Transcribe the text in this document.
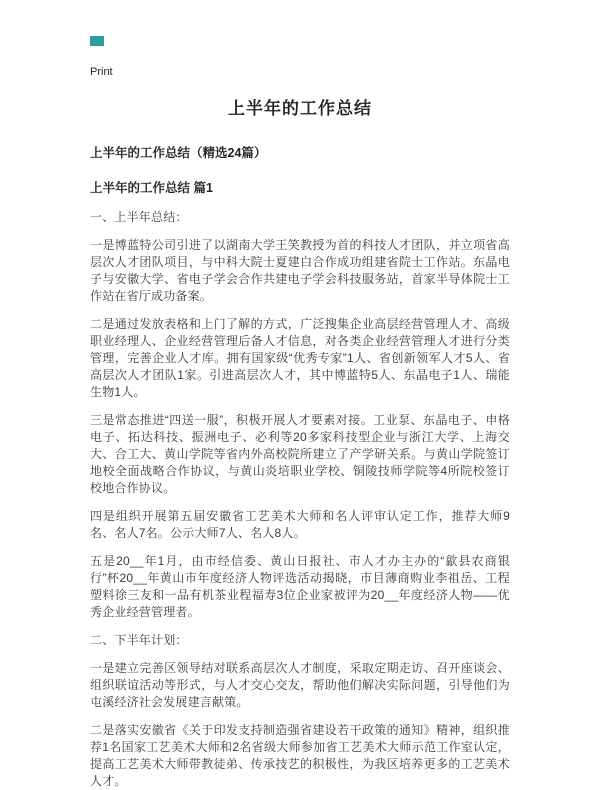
Print
上半年的工作总结
上半年的工作总结（精选24篇）
上半年的工作总结 篇1

一、上半年总结：

一是博蓝特公司引进了以湖南大学王笑教授为首的科技人才团队，并立项省高层次人才团队项目，与中科大院士夏建白合作成功组建省院士工作站。东晶电子与安徽大学、省电子学会合作共建电子学会科技服务站，首家半导体院士工作站在省厅成功备案。

二是通过发放表格和上门了解的方式，广泛搜集企业高层经营管理人才、高级职业经理人、企业经营管理后备人才信息，对各类企业经营管理人才进行分类管理，完善企业人才库。拥有国家级“优秀专家”1人、省创新领军人才5人、省高层次人才团队1家。引进高层次人才，其中博蓝特5人、东晶电子1人、瑞能生物1人。

三是常态推进“四送一服”，积极开展人才要素对接。工业泵、东晶电子、申格电子、拓达科技、振洲电子、必利等20多家科技型企业与浙江大学、上海交大、合工大、黄山学院等省内外高校院所建立了产学研关系。与黄山学院签订地校全面战略合作协议，与黄山炎培职业学校、铜陵技师学院等4所院校签订校地合作协议。

四是组织开展第五届安徽省工艺美术大师和名人评审认定工作，推荐大师9名、名人7名。公示大师7人、名人8人。

五是20__年1月，由市经信委、黄山日报社、市人才办主办的“歙县农商银行”杯20__年黄山市年度经济人物评选活动揭晓，市目薄商购业李祖岳、工程塑料徐三友和一品有机茶业程福寿3位企业家被评为20__年度经济人物——优秀企业经营管理者。

二、下半年计划：

一是建立完善区领导结对联系高层次人才制度，采取定期走访、召开座谈会、组织联谊活动等形式，与人才交心交友，帮助他们解决实际问题，引导他们为屯溪经济社会发展建言献策。

二是落实安徽省《关于印发支持制造强省建设若干政策的通知》精神，组织推荐1名国家工艺美术大师和2名省级大师参加省工艺美术大师示范工作室认定，提高工艺美术大师带教徒弟、传承技艺的积极性，为我区培养更多的工艺美术人才。
